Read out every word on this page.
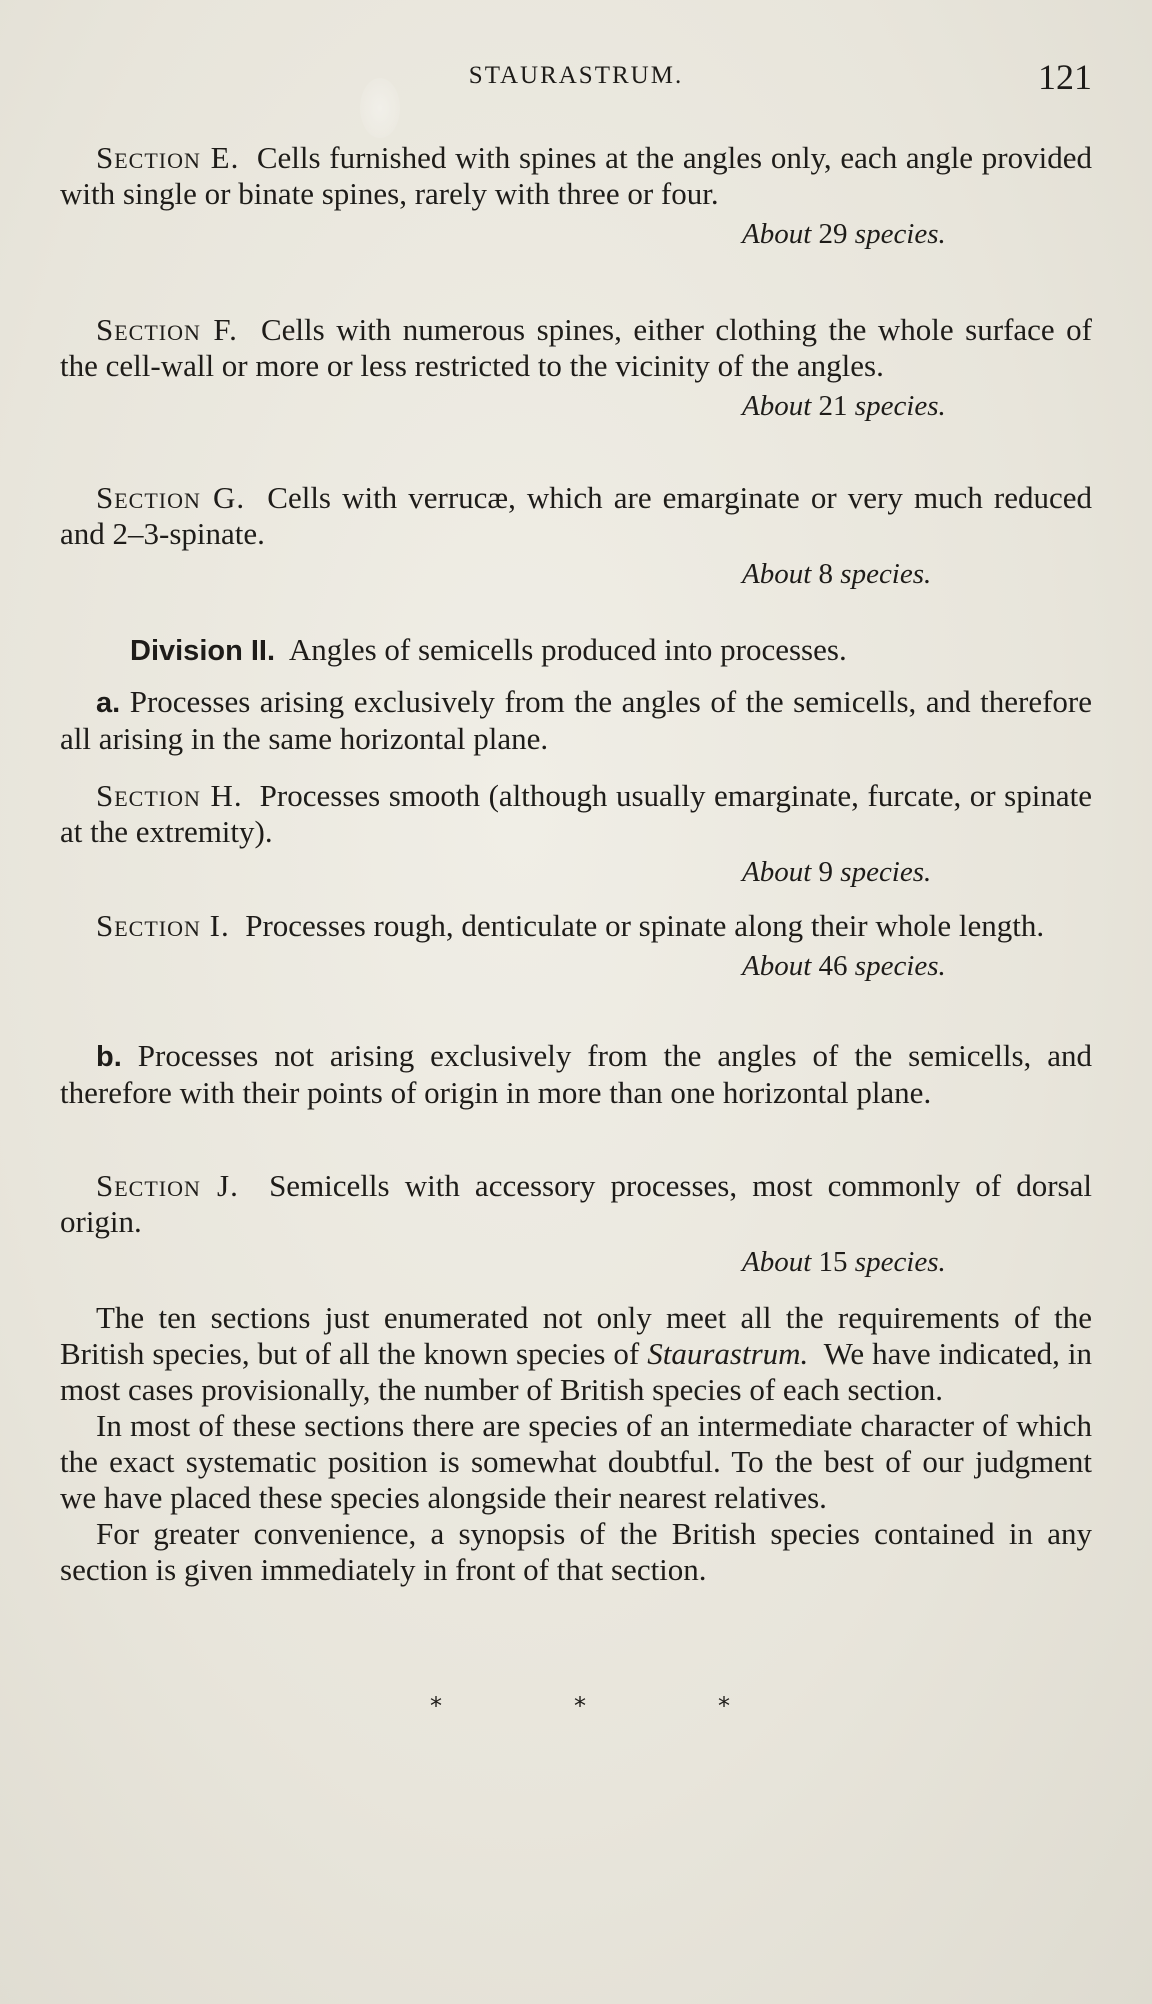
STAURASTRUM.	121

Section E. Cells furnished with spines at the angles only, each angle provided with single or binate spines, rarely with three or four.

About 29 species.

Section F. Cells with numerous spines, either clothing the whole surface of the cell-wall or more or less restricted to the vicinity of the angles.

About 21 species.

Section G. Cells with verrucæ, which are emarginate or very much reduced and 2–3-spinate.

About 8 species.

Division II. Angles of semicells produced into processes.

a. Processes arising exclusively from the angles of the semicells, and therefore all arising in the same horizontal plane.

Section H. Processes smooth (although usually emarginate, furcate, or spinate at the extremity).

About 9 species.

Section I. Processes rough, denticulate or spinate along their whole length.

About 46 species.

b. Processes not arising exclusively from the angles of the semicells, and therefore with their points of origin in more than one horizontal plane.

Section J. Semicells with accessory processes, most commonly of dorsal origin.

About 15 species.

The ten sections just enumerated not only meet all the requirements of the British species, but of all the known species of Staurastrum. We have indicated, in most cases provisionally, the number of British species of each section.

In most of these sections there are species of an intermediate character of which the exact systematic position is somewhat doubtful. To the best of our judgment we have placed these species alongside their nearest relatives.

For greater convenience, a synopsis of the British species contained in any section is given immediately in front of that section.

*	*	*
